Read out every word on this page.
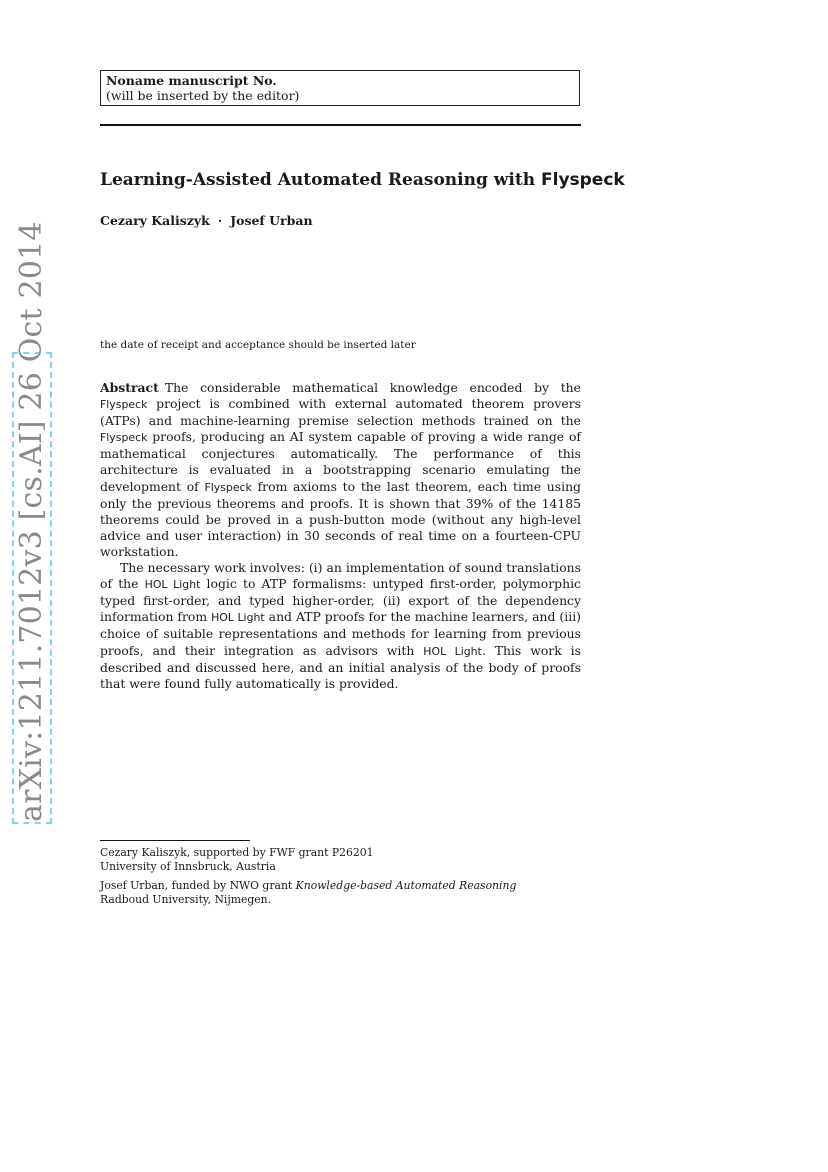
Noname manuscript No.
(will be inserted by the editor)
Learning-Assisted Automated Reasoning with Flyspeck
Cezary Kaliszyk · Josef Urban
the date of receipt and acceptance should be inserted later

Abstract The considerable mathematical knowledge encoded by the Flyspeck project is combined with external automated theorem provers (ATPs) and machine-learning premise selection methods trained on the Flyspeck proofs, producing an AI system capable of proving a wide range of mathematical conjectures automatically. The performance of this architecture is evaluated in a bootstrapping scenario emulating the development of Flyspeck from axioms to the last theorem, each time using only the previous theorems and proofs. It is shown that 39% of the 14185 theorems could be proved in a push-button mode (without any high-level advice and user interaction) in 30 seconds of real time on a fourteen-CPU workstation.

The necessary work involves: (i) an implementation of sound translations of the HOL Light logic to ATP formalisms: untyped first-order, polymorphic typed first-order, and typed higher-order, (ii) export of the dependency information from HOL Light and ATP proofs for the machine learners, and (iii) choice of suitable representations and methods for learning from previous proofs, and their integration as advisors with HOL Light. This work is described and discussed here, and an initial analysis of the body of proofs that were found fully automatically is provided.

Cezary Kaliszyk, supported by FWF grant P26201
University of Innsbruck, Austria
Josef Urban, funded by NWO grant Knowledge-based Automated Reasoning
Radboud University, Nijmegen.
arXiv:1211.7012v3 [cs.AI] 26 Oct 2014
